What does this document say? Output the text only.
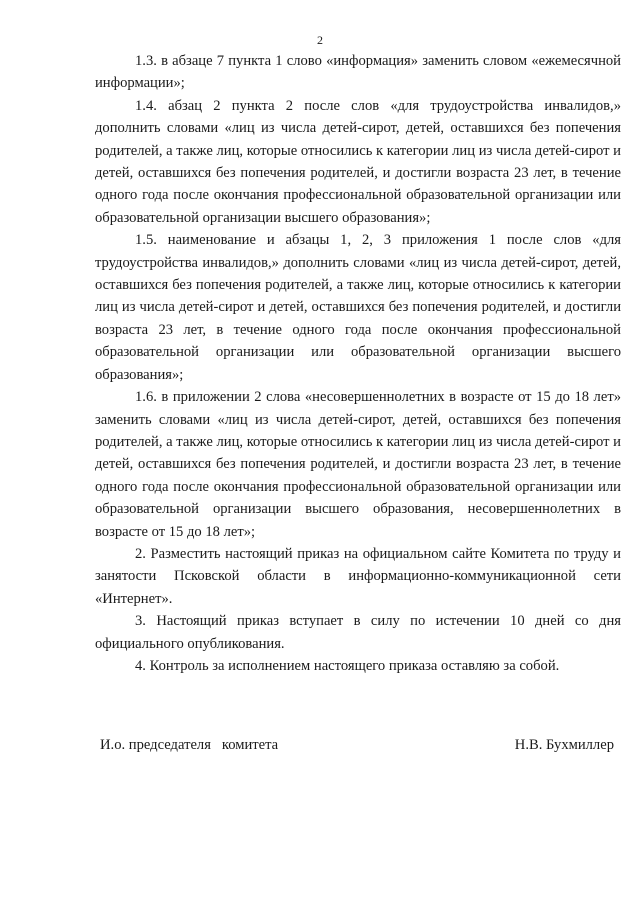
2

1.3. в абзаце 7 пункта 1 слово «информация» заменить словом «ежемесячной информации»;

1.4. абзац 2 пункта 2 после слов «для трудоустройства инвалидов,» дополнить словами «лиц из числа детей-сирот, детей, оставшихся без попечения родителей, а также лиц, которые относились к категории лиц из числа детей-сирот и детей, оставшихся без попечения родителей, и достигли возраста 23 лет, в течение одного года после окончания профессиональной образовательной организации или образовательной организации высшего образования»;

1.5. наименование и абзацы 1, 2, 3 приложения 1 после слов «для трудоустройства инвалидов,» дополнить словами «лиц из числа детей-сирот, детей, оставшихся без попечения родителей, а также лиц, которые относились к категории лиц из числа детей-сирот и детей, оставшихся без попечения родителей, и достигли возраста 23 лет, в течение одного года после окончания профессиональной образовательной организации или образовательной организации высшего образования»;

1.6. в приложении 2 слова «несовершеннолетних в возрасте от 15 до 18 лет» заменить словами «лиц из числа детей-сирот, детей, оставшихся без попечения родителей, а также лиц, которые относились к категории лиц из числа детей-сирот и детей, оставшихся без попечения родителей, и достигли возраста 23 лет, в течение одного года после окончания профессиональной образовательной организации или образовательной организации высшего образования, несовершеннолетних в возрасте от 15 до 18 лет»;

2. Разместить настоящий приказ на официальном сайте Комитета по труду и занятости Псковской области в информационно-коммуникационной сети «Интернет».

3. Настоящий приказ вступает в силу по истечении 10 дней со дня официального опубликования.

4. Контроль за исполнением настоящего приказа оставляю за собой.

И.о. председателя   комитета	Н.В. Бухмиллер
